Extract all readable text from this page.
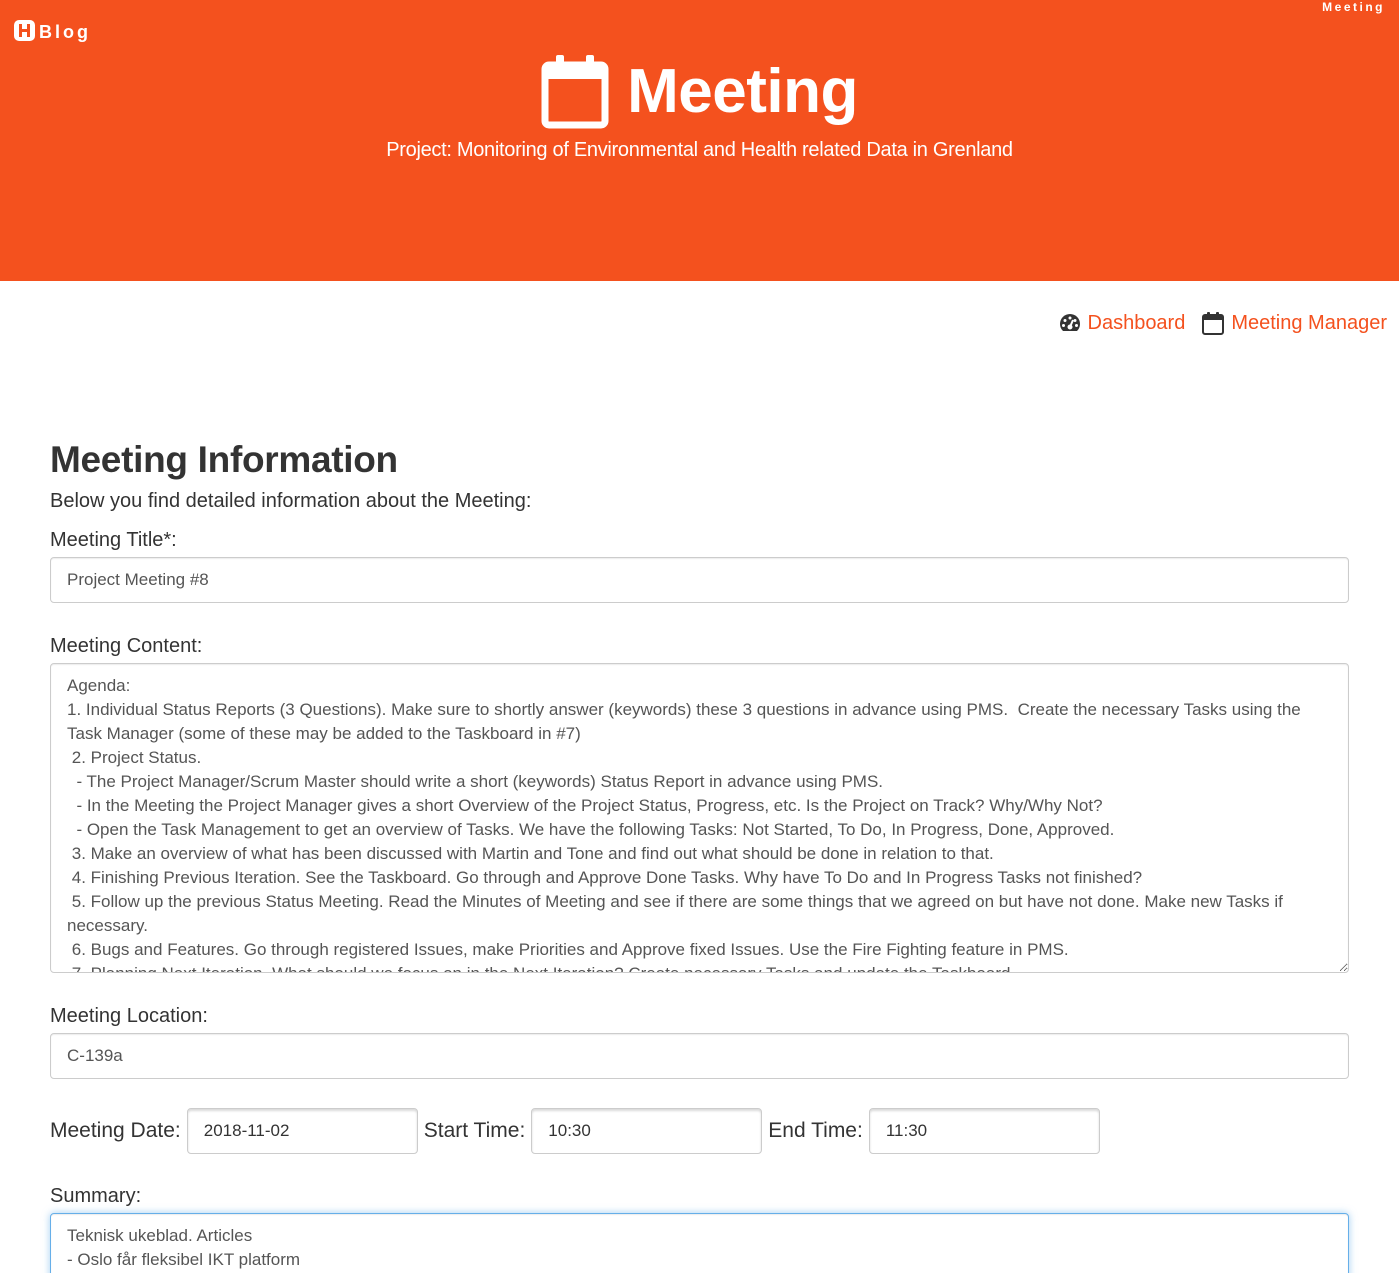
Blog
Meeting
Meeting
Project: Monitoring of Environmental and Health related Data in Grenland
Dashboard Meeting Manager
Meeting Information

Below you find detailed information about the Meeting:

Meeting Title*:
Project Meeting #8
Meeting Content:
Agenda: 1. Individual Status Reports (3 Questions). Make sure to shortly answer (keywords) these 3 questions in advance using PMS. Create the necessary Tasks using the Task Manager (some of these may be added to the Taskboard in #7) 2. Project Status. - The Project Manager/Scrum Master should write a short (keywords) Status Report in advance using PMS. - In the Meeting the Project Manager gives a short Overview of the Project Status, Progress, etc. Is the Project on Track? Why/Why Not? - Open the Task Management to get an overview of Tasks. We have the following Tasks: Not Started, To Do, In Progress, Done, Approved. 3. Make an overview of what has been discussed with Martin and Tone and find out what should be done in relation to that. 4. Finishing Previous Iteration. See the Taskboard. Go through and Approve Done Tasks. Why have To Do and In Progress Tasks not finished? 5. Follow up the previous Status Meeting. Read the Minutes of Meeting and see if there are some things that we agreed on but have not done. Make new Tasks if necessary. 6. Bugs and Features. Go through registered Issues, make Priorities and Approve fixed Issues. Use the Fire Fighting feature in PMS. 7. Planning Next Iteration. What should we focus on in the Next Iteration? Create necessary Tasks and update the Taskboard.
Meeting Location:
C-139a
Meeting Date:
2018-11-02	Start Time:
10:30	End Time:
11:30
Summary:
Teknisk ukeblad. Articles - Oslo får fleksibel IKT platform - Nå skan får du inf...
